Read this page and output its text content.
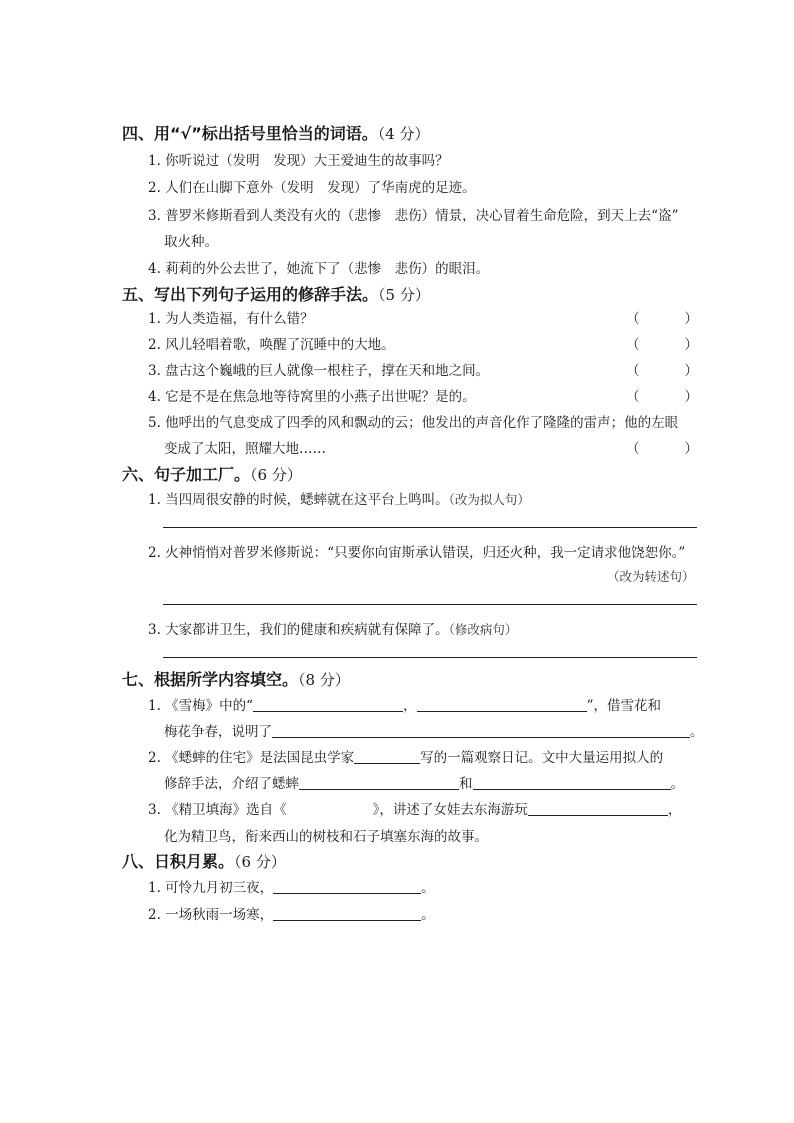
四、用“√”标出括号里恰当的词语。（4 分）
1. 你听说过（发明　发现）大王爱迪生的故事吗？
2. 人们在山脚下意外（发明　发现）了华南虎的足迹。
3. 普罗米修斯看到人类没有火的（悲惨　悲伤）情景，决心冒着生命危险，到天上去“盗”
取火种。
4. 莉莉的外公去世了，她流下了（悲惨　悲伤）的眼泪。
五、写出下列句子运用的修辞手法。（5 分）
1. 为人类造福，有什么错？	（	）
2. 风儿轻唱着歌，唤醒了沉睡中的大地。	（	）
3. 盘古这个巍峨的巨人就像一根柱子，撑在天和地之间。	（	）
4. 它是不是在焦急地等待窝里的小燕子出世呢？是的。	（	）
5. 他呼出的气息变成了四季的风和飘动的云；他发出的声音化作了隆隆的雷声；他的左眼
变成了太阳，照耀大地……	（	）
六、句子加工厂。（6 分）
1. 当四周很安静的时候，蟋蟀就在这平台上鸣叫。（改为拟人句）
2. 火神悄悄对普罗米修斯说：“只要你向宙斯承认错误，归还火种，我一定请求他饶恕你。”
（改为转述句）
3. 大家都讲卫生，我们的健康和疾病就有保障了。（修改病句）
七、根据所学内容填空。（8 分）
1. 《雪梅》中的“	，	”，借雪花和
梅花争春，说明了	。
2. 《蟋蟀的住宅》是法国昆虫学家	写的一篇观察日记。文中大量运用拟人的
修辞手法，介绍了蟋蟀	和	。
3. 《精卫填海》选自《	》，讲述了女娃去东海游玩	，
化为精卫鸟，衔来西山的树枝和石子填塞东海的故事。
八、日积月累。（6 分）
1. 可怜九月初三夜，	。
2. 一场秋雨一场寒，	。
